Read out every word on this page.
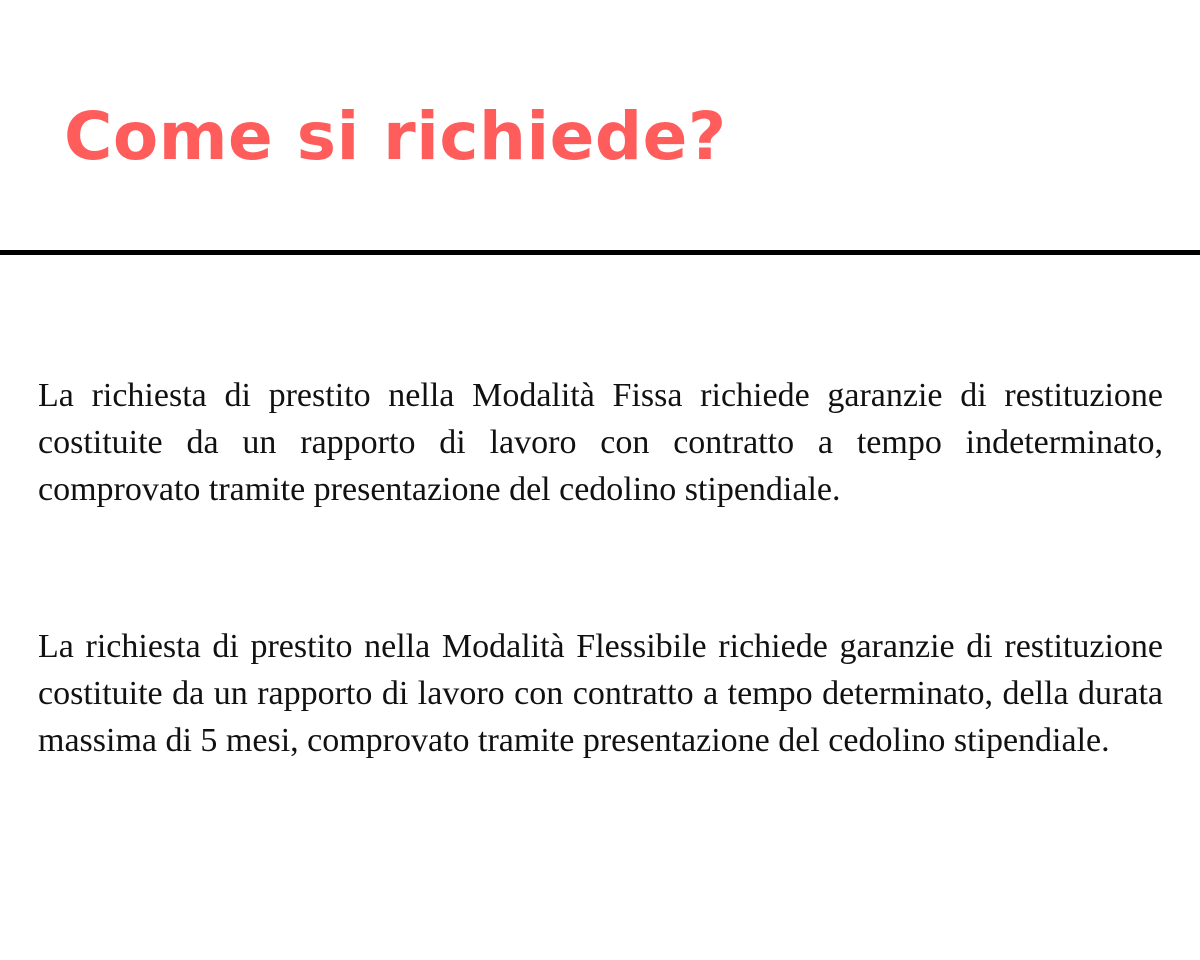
Come si richiede?

La richiesta di prestito nella Modalità Fissa richiede garanzie di restituzione costituite da un rapporto di lavoro con contratto a tempo indeterminato, comprovato tramite presentazione del cedolino stipendiale.

La richiesta di prestito nella Modalità Flessibile richiede garanzie di restituzione costituite da un rapporto di lavoro con contratto a tempo determinato, della durata massima di 5 mesi, comprovato tramite presentazione del cedolino stipendiale.
